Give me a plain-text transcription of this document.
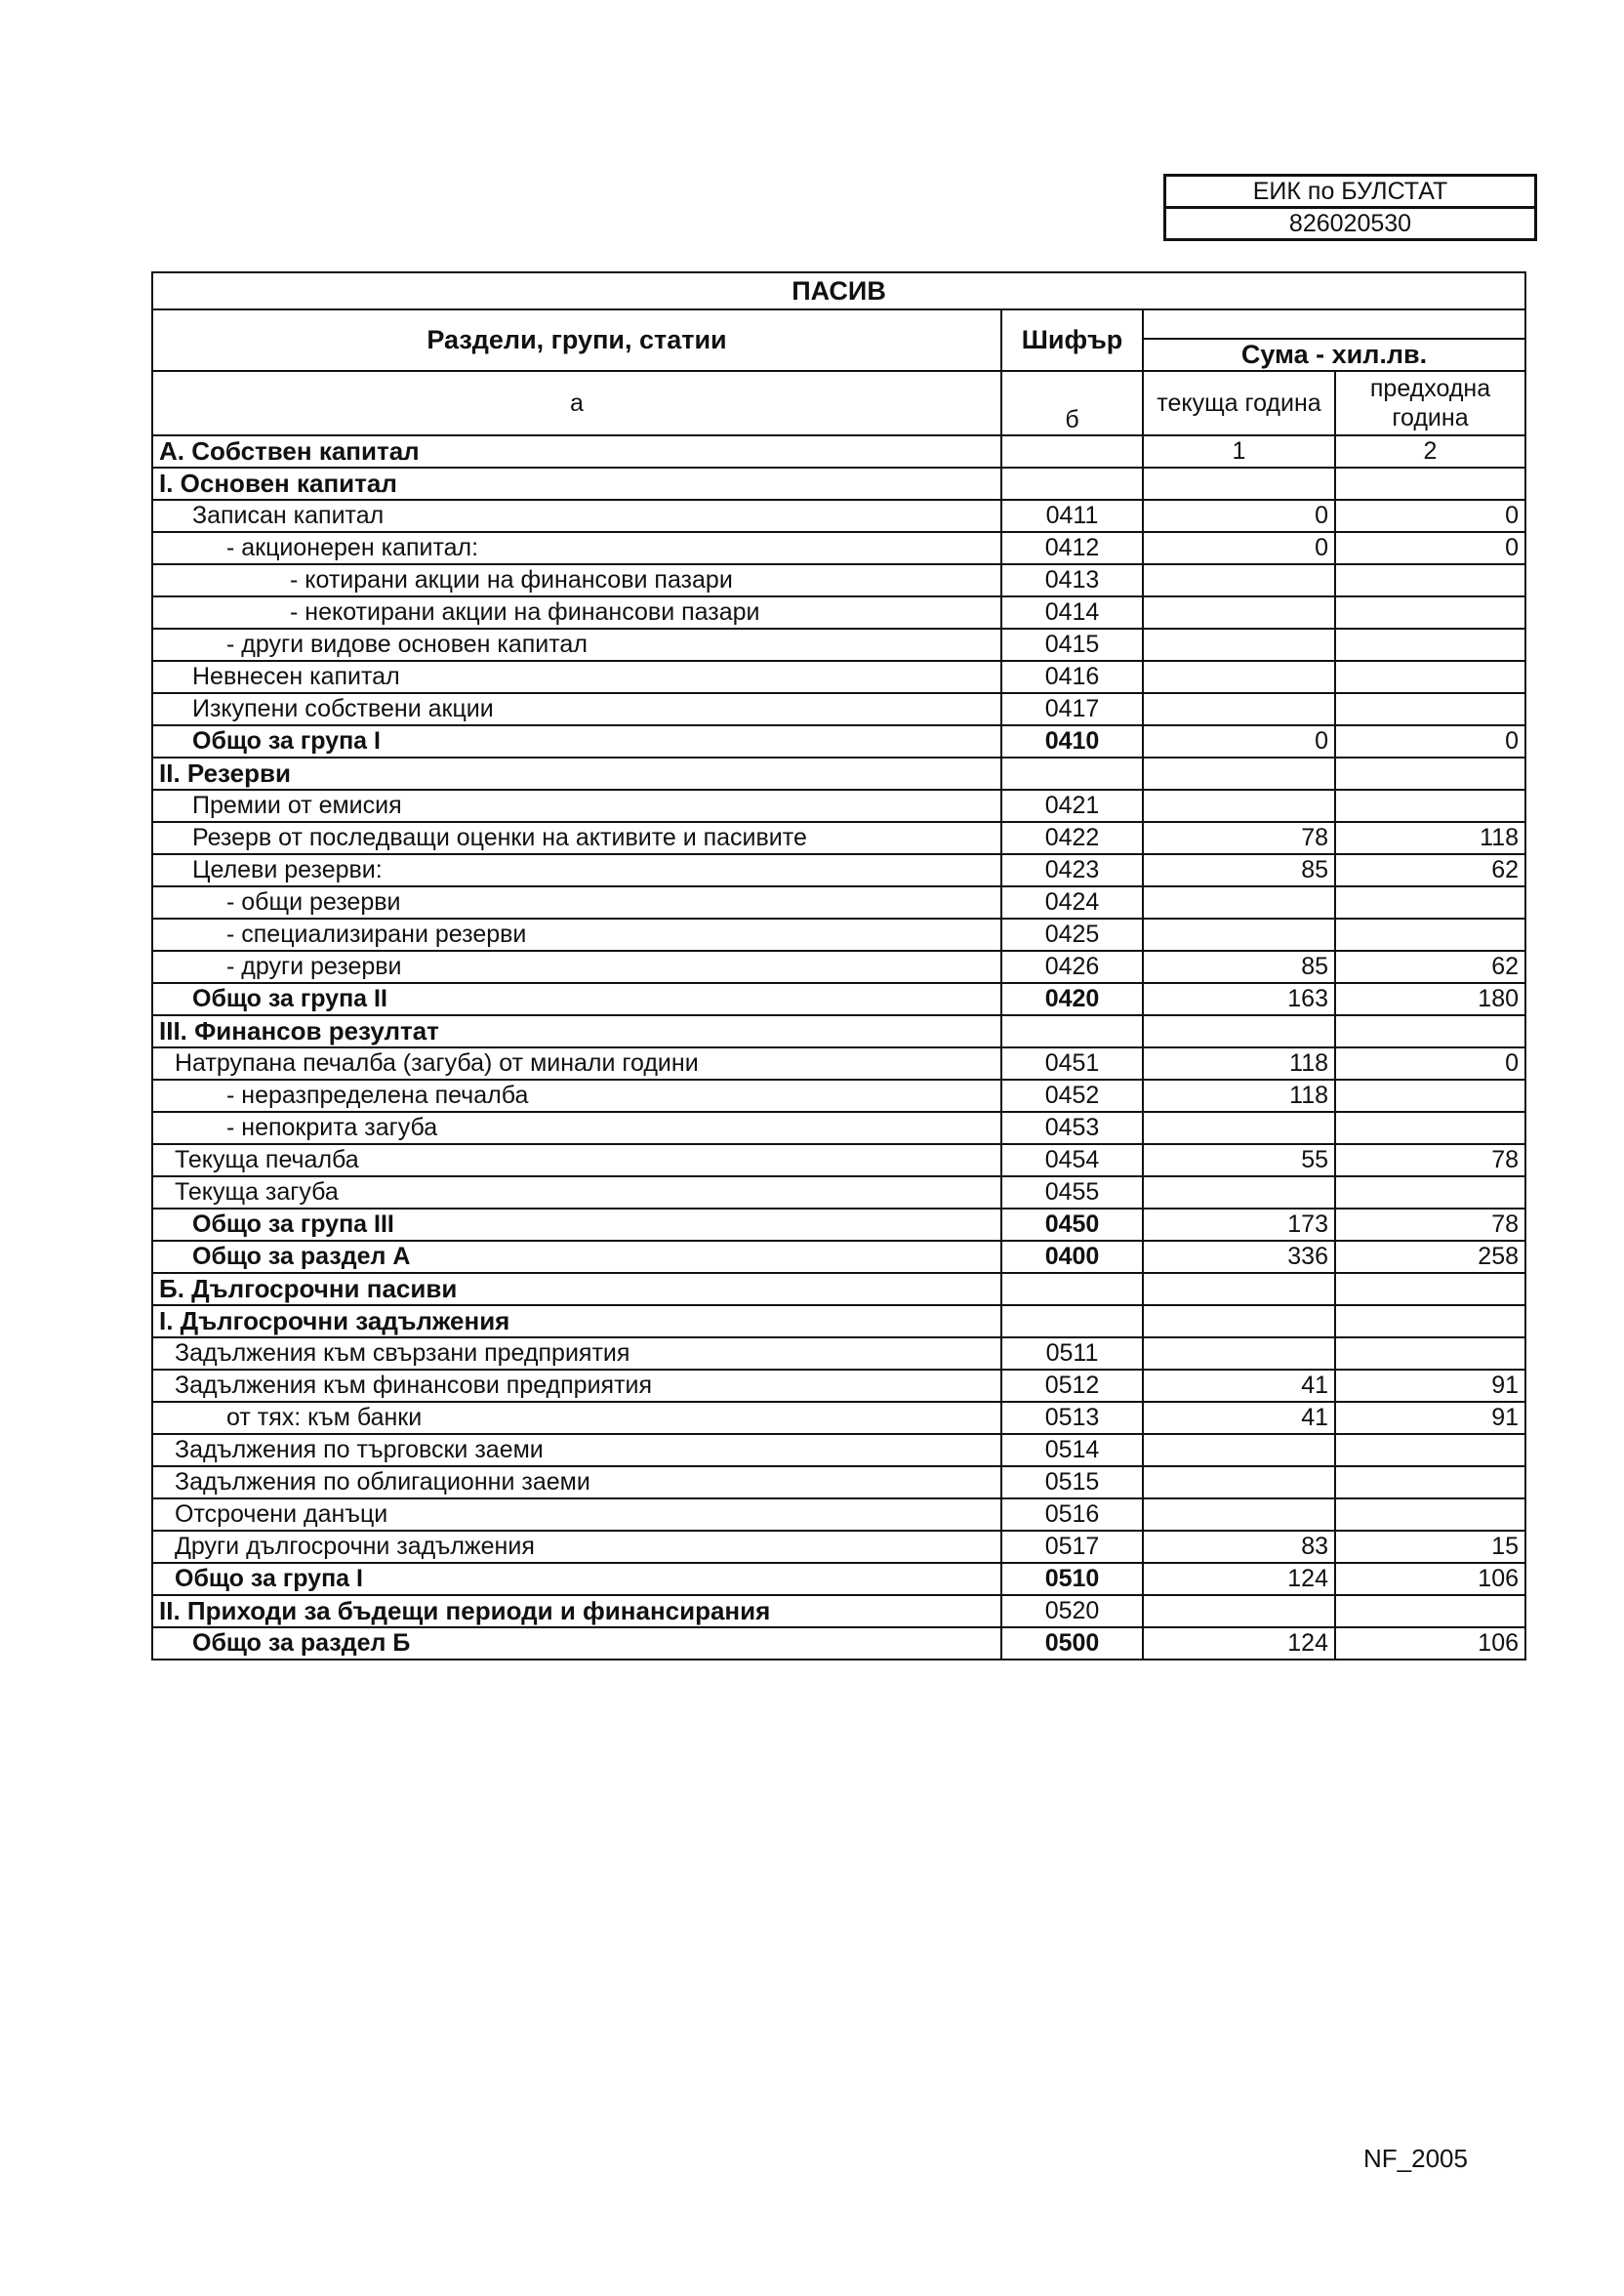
ЕИК по БУЛСТАТ
826020530
ПАСИВ			
Раздели, групи, статии	Шифър		
		Сума - хил.лв.	
а	б	текуща година	предходна година
А. Собствен капитал		1	2
I. Основен капитал			
Записан капитал	0411	0	0
- акционерен капитал:	0412	0	0
- котирани акции на финансови пазари	0413		
- некотирани акции на финансови пазари	0414		
- други видове основен капитал	0415		
Невнесен капитал	0416		
Изкупени собствени акции	0417		
Общо за група I	0410	0	0
II. Резерви			
Премии от емисия	0421		
Резерв от последващи оценки на активите и пасивите	0422	78	118
Целеви резерви:	0423	85	62
- общи резерви	0424		
- специализирани резерви	0425		
- други резерви	0426	85	62
Общо за група II	0420	163	180
III. Финансов резултат			
Натрупана печалба (загуба) от минали години	0451	118	0
- неразпределена печалба	0452	118	
- непокрита загуба	0453		
Текуща печалба	0454	55	78
Текуща загуба	0455		
Общо за група III	0450	173	78
Общо за раздел А	0400	336	258
Б. Дългосрочни пасиви			
I. Дългосрочни задължения			
Задължения към свързани предприятия	0511		
Задължения към финансови предприятия	0512	41	91
от тях: към банки	0513	41	91
Задължения по търговски заеми	0514		
Задължения по облигационни заеми	0515		
Отсрочени данъци	0516		
Други дългосрочни задължения	0517	83	15
Общо за група I	0510	124	106
II. Приходи за бъдещи периоди и финансирания	0520		
Общо за раздел Б	0500	124	106
NF_2005
